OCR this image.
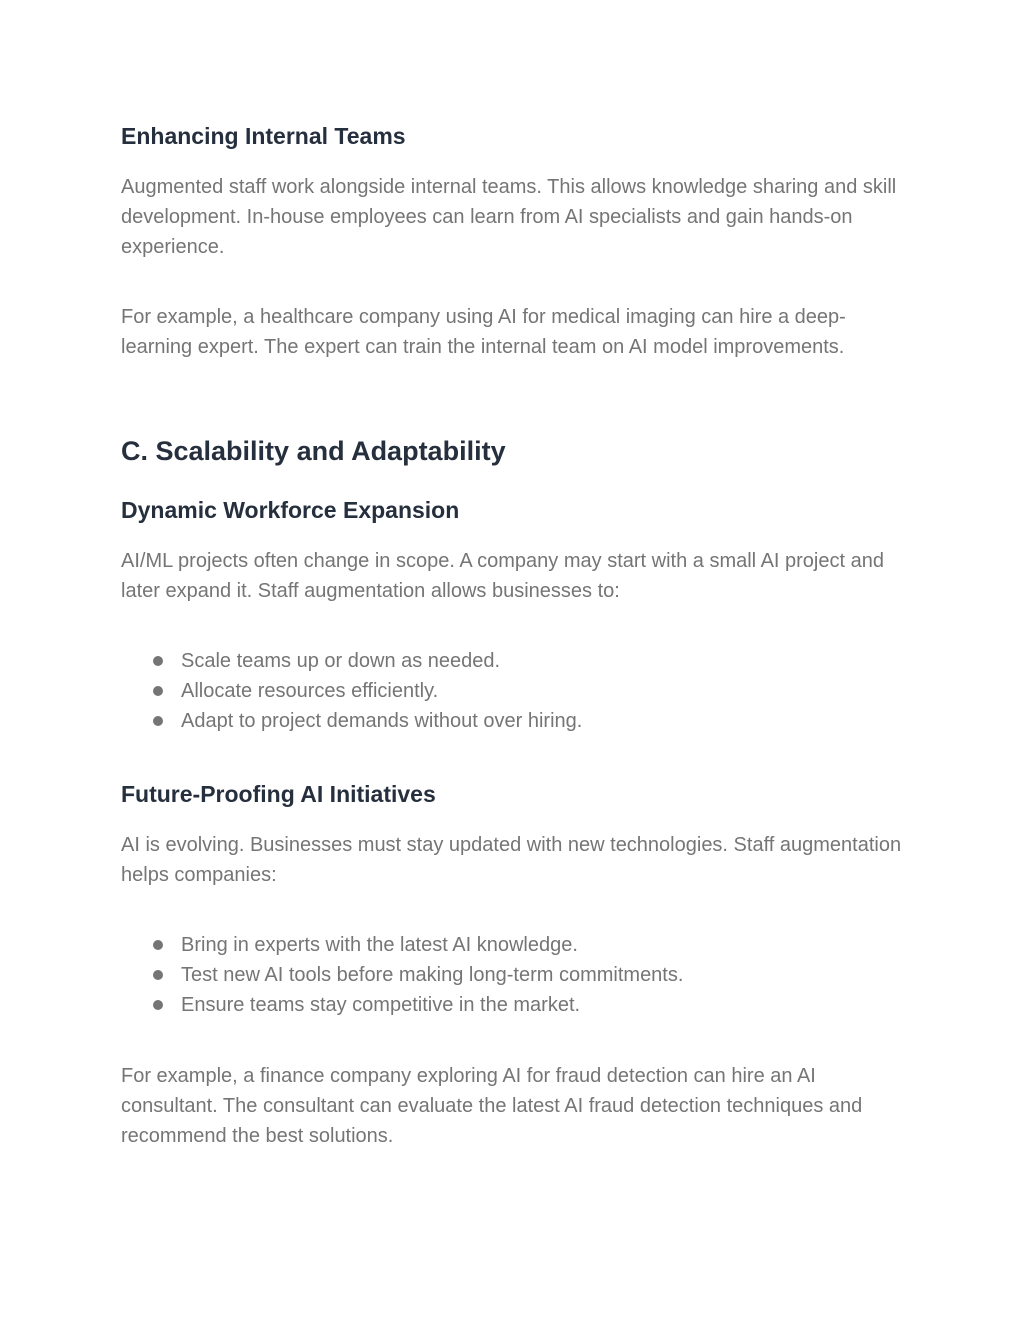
Enhancing Internal Teams

Augmented staff work alongside internal teams. This allows knowledge sharing and skill development. In-house employees can learn from AI specialists and gain hands-on experience.

For example, a healthcare company using AI for medical imaging can hire a deep-learning expert. The expert can train the internal team on AI model improvements.

C. Scalability and Adaptability
Dynamic Workforce Expansion

AI/ML projects often change in scope. A company may start with a small AI project and later expand it. Staff augmentation allows businesses to:

Scale teams up or down as needed.
Allocate resources efficiently.
Adapt to project demands without over hiring.
Future-Proofing AI Initiatives

AI is evolving. Businesses must stay updated with new technologies. Staff augmentation helps companies:

Bring in experts with the latest AI knowledge.
Test new AI tools before making long-term commitments.
Ensure teams stay competitive in the market.

For example, a finance company exploring AI for fraud detection can hire an AI consultant. The consultant can evaluate the latest AI fraud detection techniques and recommend the best solutions.
